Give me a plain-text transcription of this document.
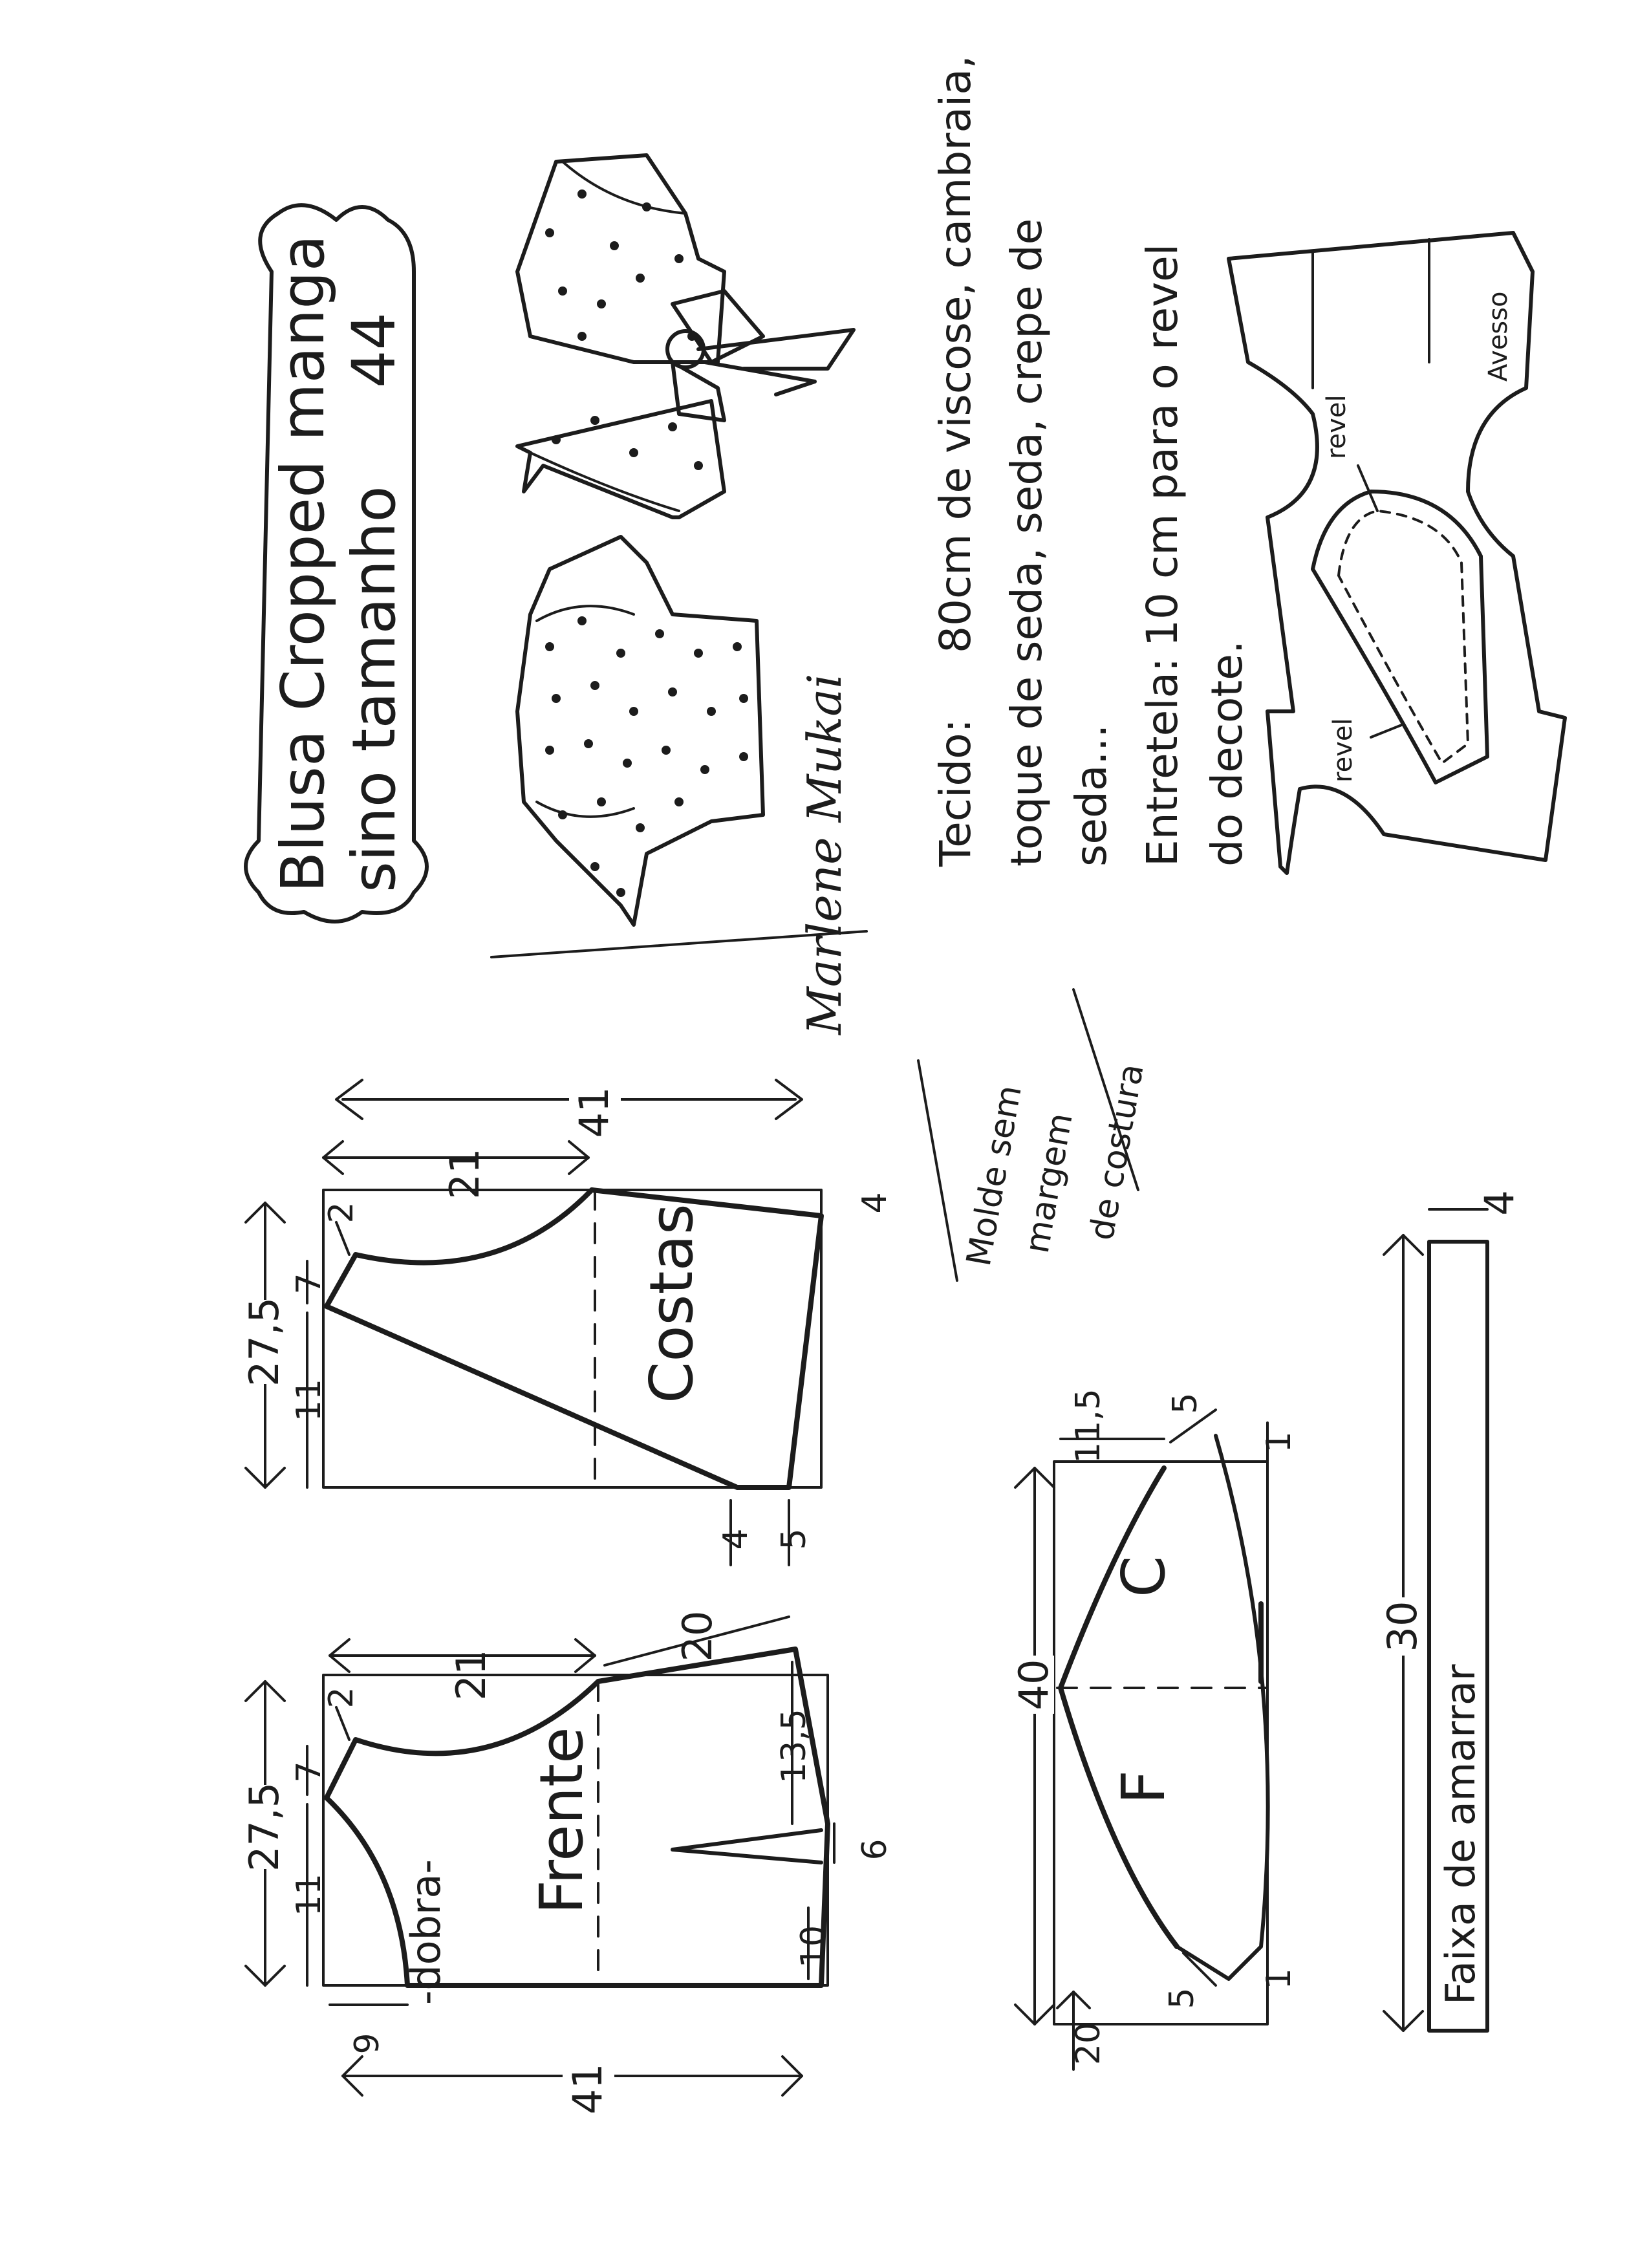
Blusa Cropped manga sino tamanho
44
Marlene Mukai Tecido:
80cm de viscose, cambraia, toque de seda, seda, crepe de seda... Entretela:
10 cm para o revel
do decote.
revel
revel
Avesso
Molde sem
margem de costura
Costas
41
21
27,5
11
7
2	4
4 5
Frente
-dobra-
21
20
27,5
11
7
2
13,5
6
10
9
41
C
F
40
11,5 5
1
5
1
20
Faixa de amarrar
30
4
